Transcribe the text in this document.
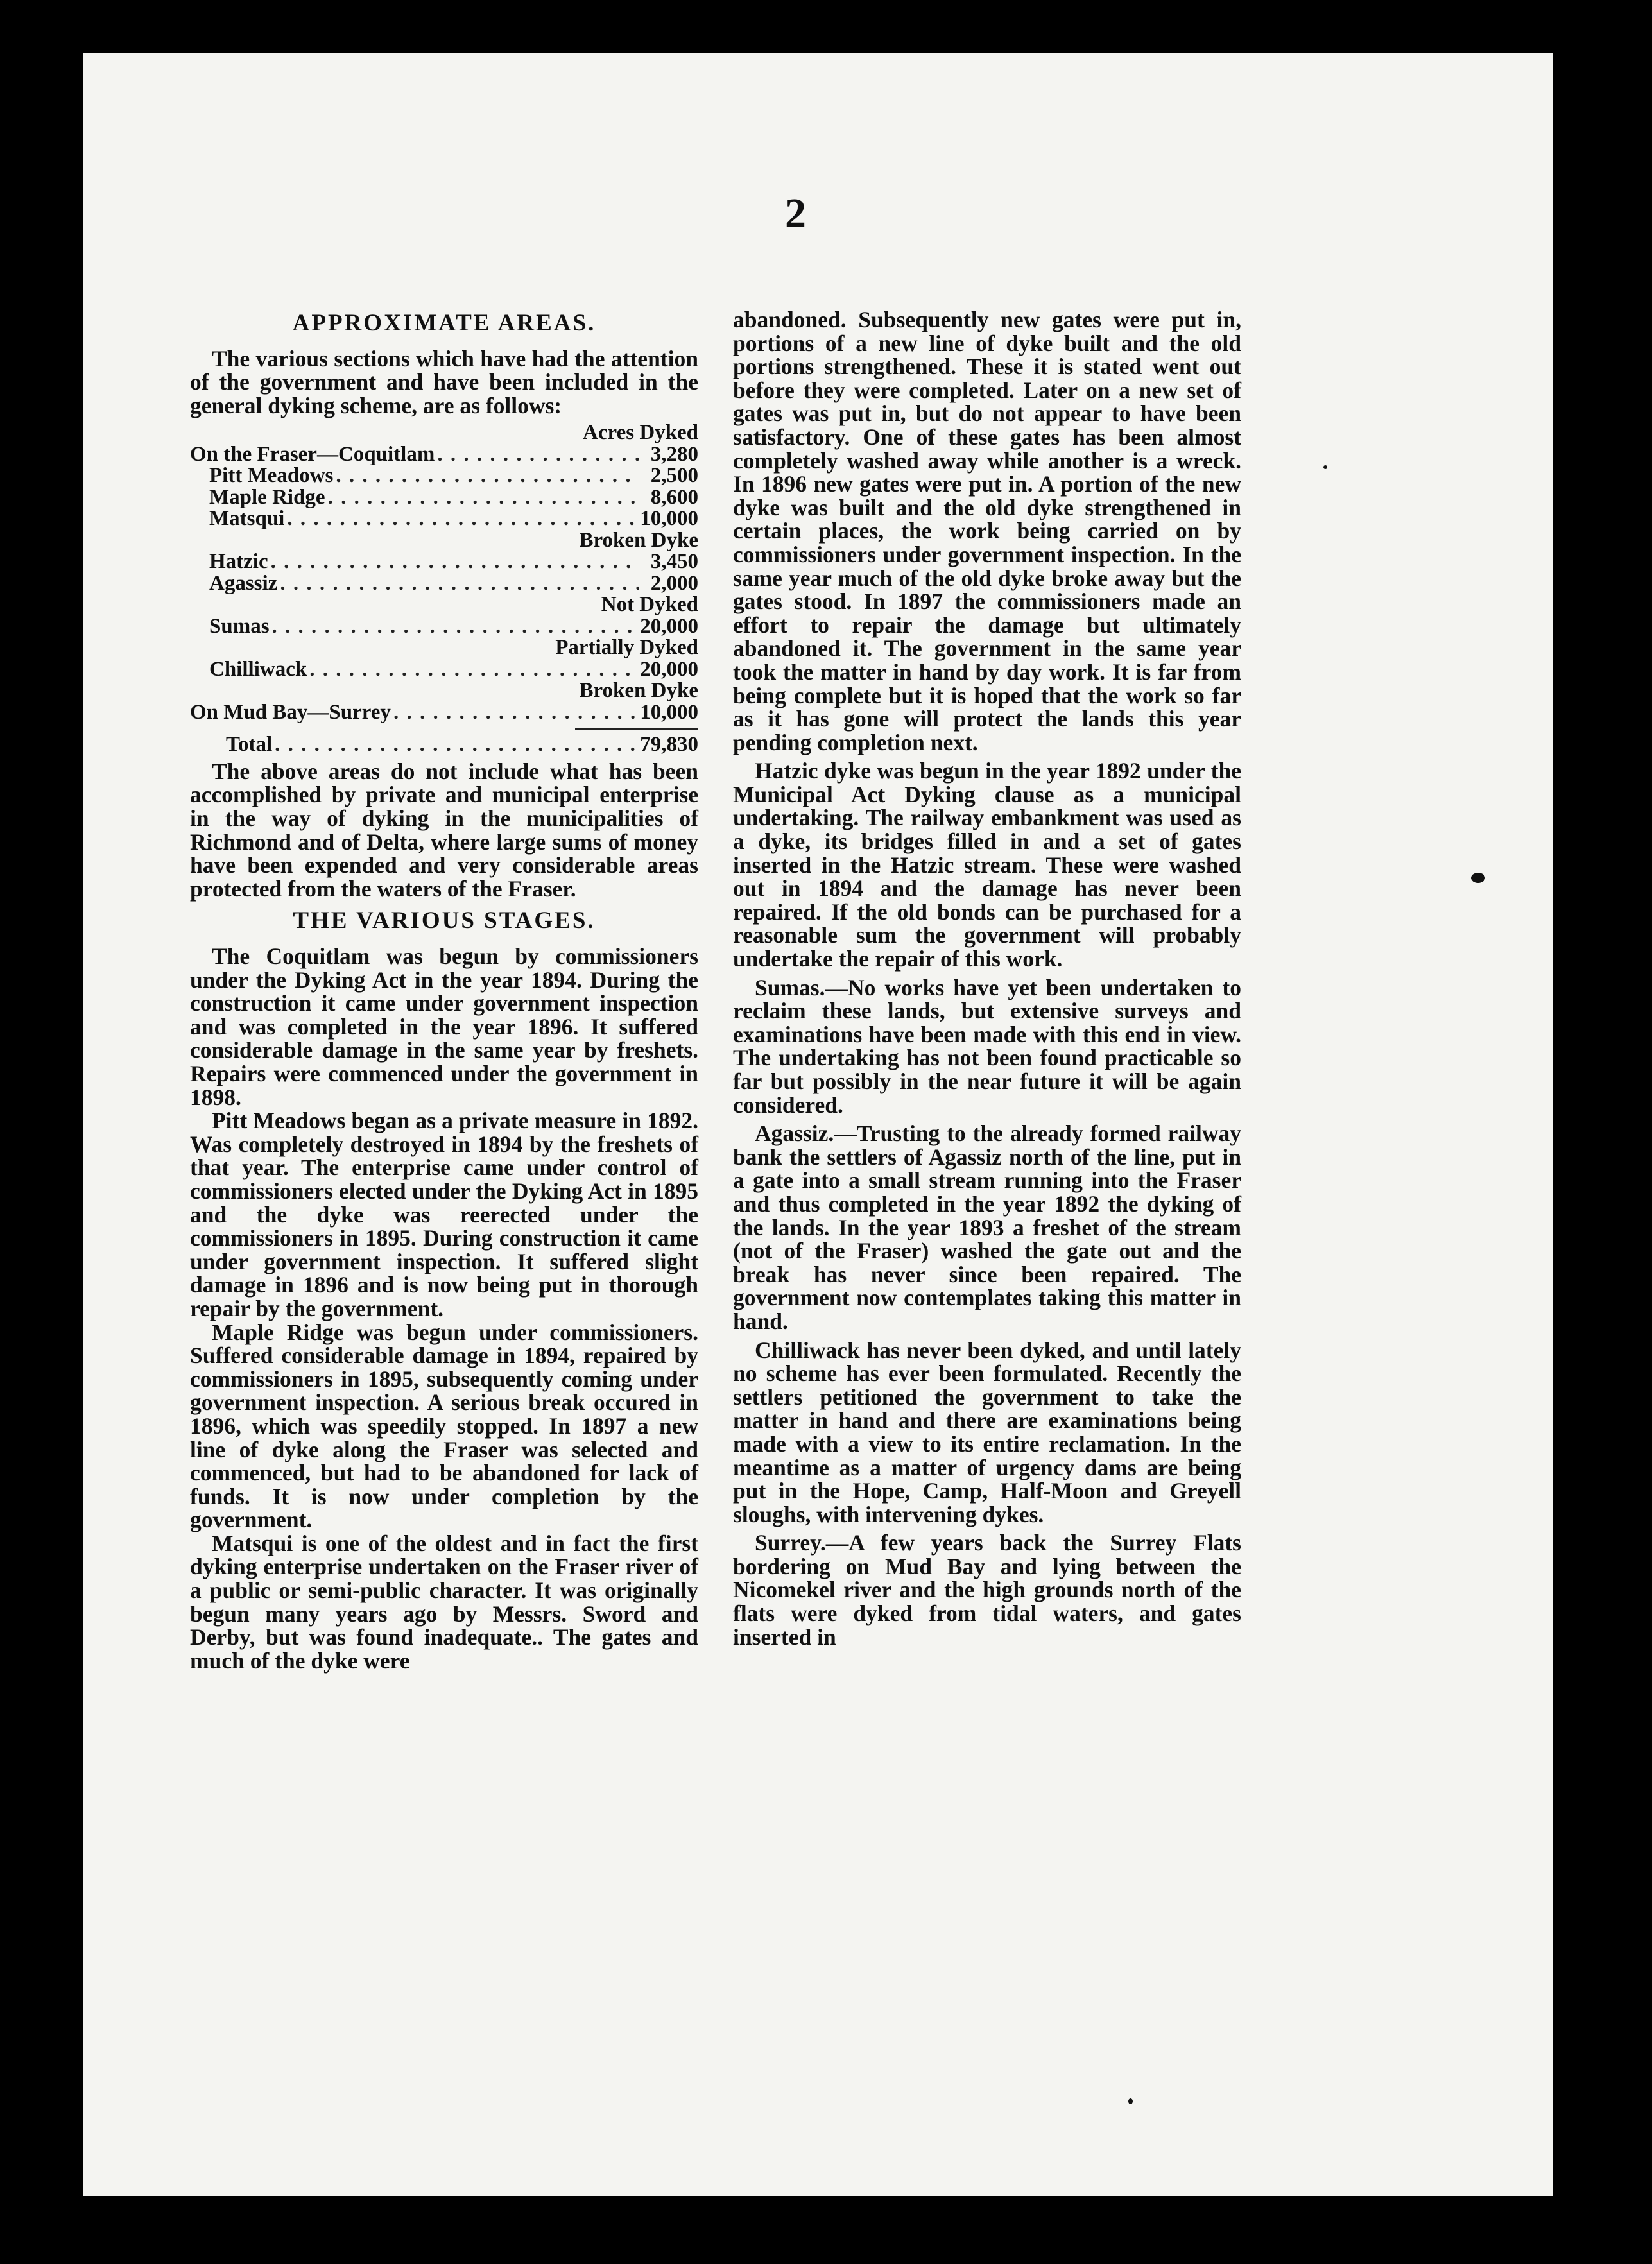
2
APPROXIMATE AREAS.

The various sections which have had the attention of the government and have been included in the general dyking scheme, are as follows:

Acres Dyked
On the Fraser—Coquitlam . . .	3,280
Pitt Meadows . . .	2,500
Maple Ridge . . .	8,600
Matsqui . . .	10,000
Broken Dyke
Hatzic . . .	3,450
Agassiz . . .	2,000
Not Dyked
Sumas . . .	20,000
Partially Dyked
Chilliwack . . .	20,000
Broken Dyke
On Mud Bay—Surrey . . .	10,000
Total . . .	79,830

The above areas do not include what has been accomplished by private and municipal enterprise in the way of dyking in the municipalities of Richmond and of Delta, where large sums of money have been expended and very considerable areas protected from the waters of the Fraser.

THE VARIOUS STAGES.

The Coquitlam was begun by commissioners under the Dyking Act in the year 1894. During the construction it came under government inspection and was completed in the year 1896. It suffered considerable damage in the same year by freshets. Repairs were commenced under the government in 1898.

Pitt Meadows began as a private measure in 1892. Was completely destroyed in 1894 by the freshets of that year. The enterprise came under control of commissioners elected under the Dyking Act in 1895 and the dyke was reerected under the commissioners in 1895. During construction it came under government inspection. It suffered slight damage in 1896 and is now being put in thorough repair by the government.

Maple Ridge was begun under commissioners. Suffered considerable damage in 1894, repaired by commissioners in 1895, subsequently coming under government inspection. A serious break occured in 1896, which was speedily stopped. In 1897 a new line of dyke along the Fraser was selected and commenced, but had to be abandoned for lack of funds. It is now under completion by the government.

Matsqui is one of the oldest and in fact the first dyking enterprise undertaken on the Fraser river of a public or semi-public character. It was originally begun many years ago by Messrs. Sword and Derby, but was found inadequate.. The gates and much of the dyke were

abandoned. Subsequently new gates were put in, portions of a new line of dyke built and the old portions strengthened. These it is stated went out before they were completed. Later on a new set of gates was put in, but do not appear to have been satisfactory. One of these gates has been almost completely washed away while another is a wreck. In 1896 new gates were put in. A portion of the new dyke was built and the old dyke strengthened in certain places, the work being carried on by commissioners under government inspection. In the same year much of the old dyke broke away but the gates stood. In 1897 the commissioners made an effort to repair the damage but ultimately abandoned it. The government in the same year took the matter in hand by day work. It is far from being complete but it is hoped that the work so far as it has gone will protect the lands this year pending completion next.

Hatzic dyke was begun in the year 1892 under the Municipal Act Dyking clause as a municipal undertaking. The railway embankment was used as a dyke, its bridges filled in and a set of gates inserted in the Hatzic stream. These were washed out in 1894 and the damage has never been repaired. If the old bonds can be purchased for a reasonable sum the government will probably undertake the repair of this work.

Sumas.—No works have yet been undertaken to reclaim these lands, but extensive surveys and examinations have been made with this end in view. The undertaking has not been found practicable so far but possibly in the near future it will be again considered.

Agassiz.—Trusting to the already formed railway bank the settlers of Agassiz north of the line, put in a gate into a small stream running into the Fraser and thus completed in the year 1892 the dyking of the lands. In the year 1893 a freshet of the stream (not of the Fraser) washed the gate out and the break has never since been repaired. The government now contemplates taking this matter in hand.

Chilliwack has never been dyked, and until lately no scheme has ever been formulated. Recently the settlers petitioned the government to take the matter in hand and there are examinations being made with a view to its entire reclamation. In the meantime as a matter of urgency dams are being put in the Hope, Camp, Half-Moon and Greyell sloughs, with intervening dykes.

Surrey.—A few years back the Surrey Flats bordering on Mud Bay and lying between the Nicomekel river and the high grounds north of the flats were dyked from tidal waters, and gates inserted in
